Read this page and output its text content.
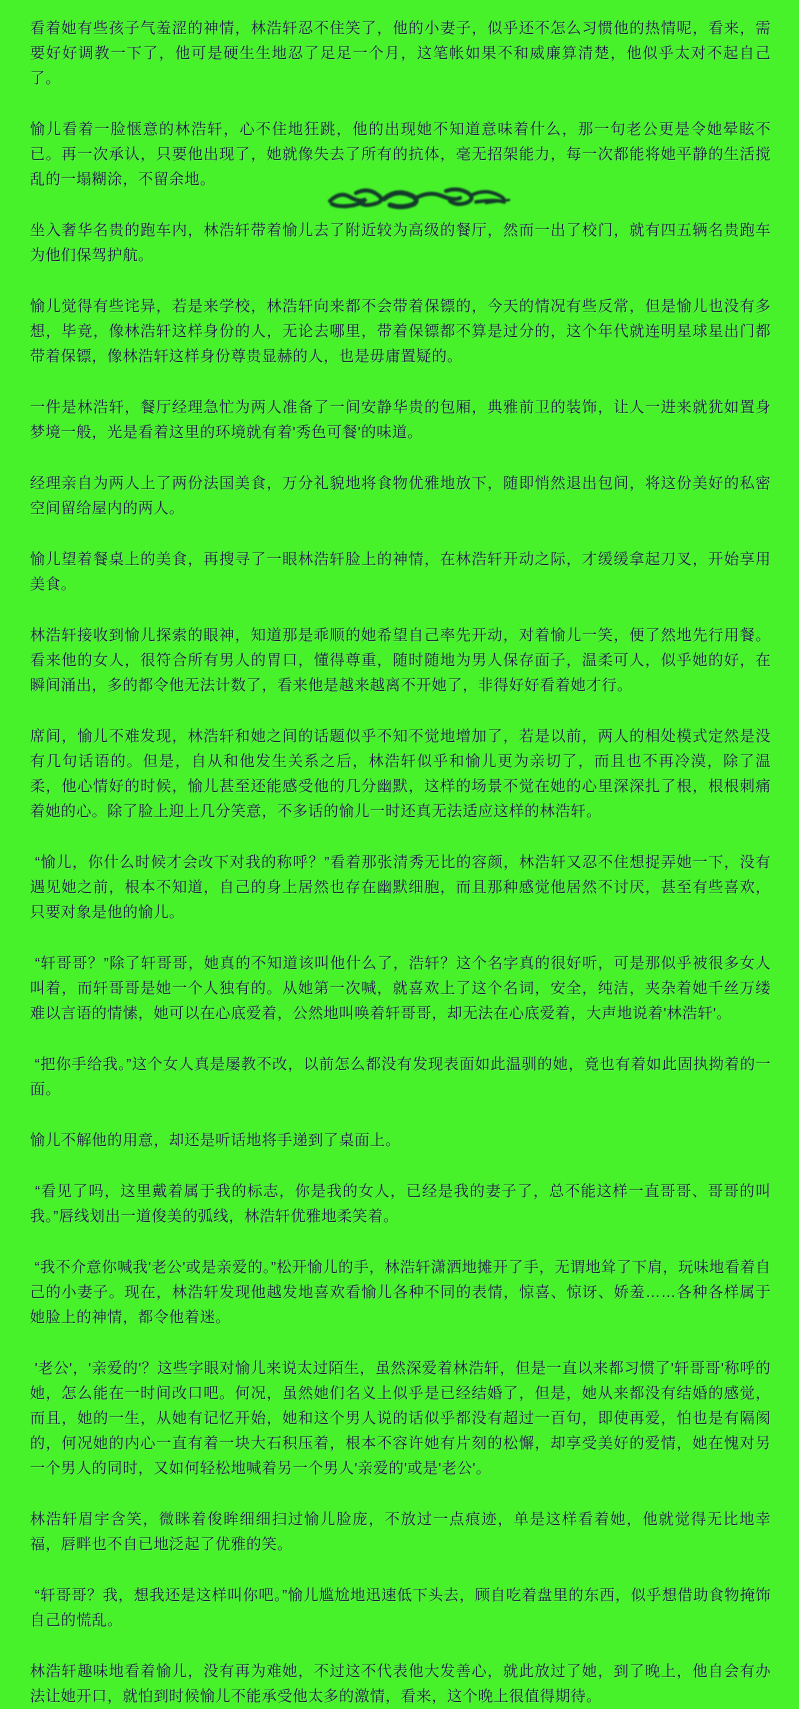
看着她有些孩子气羞涩的神情，林浩轩忍不住笑了，他的小妻子，似乎还不怎么习惯他的热情呢，看来，需要好好调教一下了，他可是硬生生地忍了足足一个月，这笔帐如果不和威廉算清楚，他似乎太对不起自己了。

愉儿看着一脸惬意的林浩轩，心不住地狂跳，他的出现她不知道意味着什么，那一句老公更是令她晕眩不已。再一次承认，只要他出现了，她就像失去了所有的抗体，毫无招架能力，每一次都能将她平静的生活搅乱的一塌糊涂，不留余地。

坐入奢华名贵的跑车内，林浩轩带着愉儿去了附近较为高级的餐厅，然而一出了校门，就有四五辆名贵跑车为他们保驾护航。

愉儿觉得有些诧异，若是来学校，林浩轩向来都不会带着保镖的，今天的情况有些反常，但是愉儿也没有多想，毕竟，像林浩轩这样身份的人，无论去哪里，带着保镖都不算是过分的，这个年代就连明星球星出门都带着保镖，像林浩轩这样身份尊贵显赫的人，也是毋庸置疑的。

一件是林浩轩，餐厅经理急忙为两人准备了一间安静华贵的包厢，典雅前卫的装饰，让人一进来就犹如置身梦境一般，光是看着这里的环境就有着'秀色可餐'的味道。

经理亲自为两人上了两份法国美食，万分礼貌地将食物优雅地放下，随即悄然退出包间，将这份美好的私密空间留给屋内的两人。

愉儿望着餐桌上的美食，再搜寻了一眼林浩轩脸上的神情，在林浩轩开动之际，才缓缓拿起刀叉，开始享用美食。

林浩轩接收到愉儿探索的眼神，知道那是乖顺的她希望自己率先开动，对着愉儿一笑，便了然地先行用餐。看来他的女人，很符合所有男人的胃口，懂得尊重，随时随地为男人保存面子，温柔可人，似乎她的好，在瞬间涌出，多的都令他无法计数了，看来他是越来越离不开她了，非得好好看着她才行。

席间，愉儿不难发现，林浩轩和她之间的话题似乎不知不觉地增加了，若是以前，两人的相处模式定然是没有几句话语的。但是，自从和他发生关系之后，林浩轩似乎和愉儿更为亲切了，而且也不再冷漠，除了温柔，他心情好的时候，愉儿甚至还能感受他的几分幽默，这样的场景不觉在她的心里深深扎了根，根根刺痛着她的心。除了脸上迎上几分笑意，不多话的愉儿一时还真无法适应这样的林浩轩。

“愉儿，你什么时候才会改下对我的称呼？”看着那张清秀无比的容颜，林浩轩又忍不住想捉弄她一下，没有遇见她之前，根本不知道，自己的身上居然也存在幽默细胞，而且那种感觉他居然不讨厌，甚至有些喜欢，只要对象是他的愉儿。

“轩哥哥？”除了轩哥哥，她真的不知道该叫他什么了，浩轩？这个名字真的很好听，可是那似乎被很多女人叫着，而轩哥哥是她一个人独有的。从她第一次喊，就喜欢上了这个名词，安全，纯洁，夹杂着她千丝万缕难以言语的情愫，她可以在心底爱着，公然地叫唤着轩哥哥，却无法在心底爱着，大声地说着'林浩轩'。

“把你手给我。”这个女人真是屡教不改，以前怎么都没有发现表面如此温驯的她，竟也有着如此固执拗着的一面。

愉儿不解他的用意，却还是听话地将手递到了桌面上。

“看见了吗，这里戴着属于我的标志，你是我的女人，已经是我的妻子了，总不能这样一直哥哥、哥哥的叫我。”唇线划出一道俊美的弧线，林浩轩优雅地柔笑着。

“我不介意你喊我'老公'或是亲爱的。”松开愉儿的手，林浩轩潇洒地摊开了手，无谓地耸了下肩，玩味地看着自己的小妻子。现在，林浩轩发现他越发地喜欢看愉儿各种不同的表情，惊喜、惊讶、娇羞……各种各样属于她脸上的神情，都令他着迷。

'老公'，'亲爱的'？这些字眼对愉儿来说太过陌生，虽然深爱着林浩轩，但是一直以来都习惯了'轩哥哥'称呼的她，怎么能在一时间改口吧。何况，虽然她们名义上似乎是已经结婚了，但是，她从来都没有结婚的感觉，而且，她的一生，从她有记忆开始，她和这个男人说的话似乎都没有超过一百句，即使再爱，怕也是有隔阂的，何况她的内心一直有着一块大石积压着，根本不容许她有片刻的松懈，却享受美好的爱情，她在愧对另一个男人的同时，又如何轻松地喊着另一个男人'亲爱的'或是'老公'。

林浩轩眉宇含笑，微眯着俊眸细细扫过愉儿脸庞，不放过一点痕迹，单是这样看着她，他就觉得无比地幸福，唇畔也不自已地泛起了优雅的笑。

“轩哥哥？我，想我还是这样叫你吧。”愉儿尴尬地迅速低下头去，顾自吃着盘里的东西，似乎想借助食物掩饰自己的慌乱。

林浩轩趣味地看着愉儿，没有再为难她，不过这不代表他大发善心，就此放过了她，到了晚上，他自会有办法让她开口，就怕到时候愉儿不能承受他太多的激情，看来，这个晚上很值得期待。
